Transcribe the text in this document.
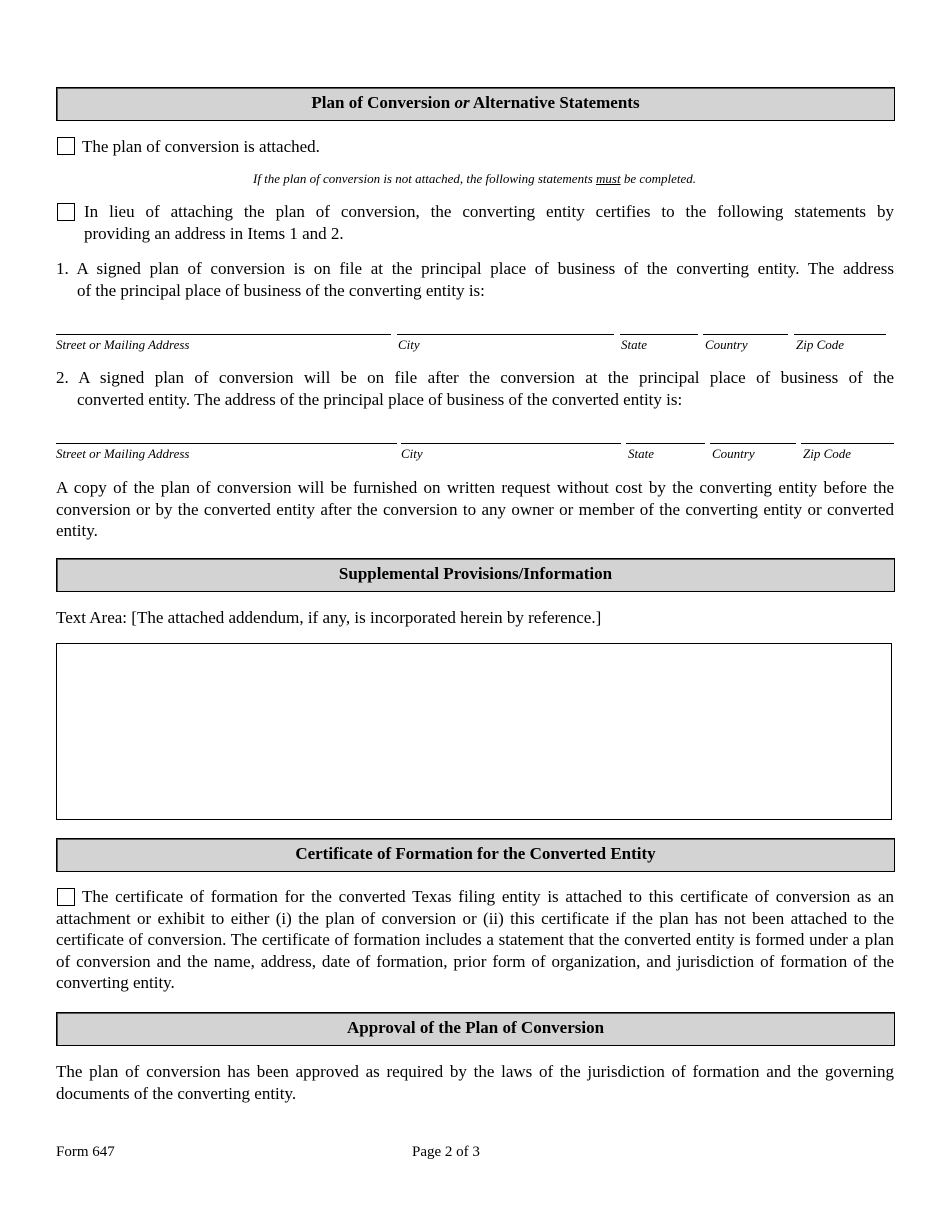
Plan of Conversion or Alternative Statements
The plan of conversion is attached.
If the plan of conversion is not attached, the following statements must be completed.
In lieu of attaching the plan of conversion, the converting entity certifies to the following statements by
providing an address in Items 1 and 2.
1. A signed plan of conversion is on file at the principal place of business of the converting entity. The address
of the principal place of business of the converting entity is:
Street or Mailing Address	City	State	Country	Zip Code
2. A signed plan of conversion will be on file after the conversion at the principal place of business of the
converted entity. The address of the principal place of business of the converted entity is:
Street or Mailing Address	City	State	Country	Zip Code
A copy of the plan of conversion will be furnished on written request without cost by the converting entity before the conversion or by the converted entity after the conversion to any owner or member of the converting entity or converted entity.
Supplemental Provisions/Information
Text Area: [The attached addendum, if any, is incorporated herein by reference.]
Certificate of Formation for the Converted Entity
The certificate of formation for the converted Texas filing entity is attached to this certificate of conversion as an attachment or exhibit to either (i) the plan of conversion or (ii) this certificate if the plan has not been attached to the certificate of conversion. The certificate of formation includes a statement that the converted entity is formed under a plan of conversion and the name, address, date of formation, prior form of organization, and jurisdiction of formation of the converting entity.
Approval of the Plan of Conversion
The plan of conversion has been approved as required by the laws of the jurisdiction of formation and the governing documents of the converting entity.
Form 647	Page 2 of 3
